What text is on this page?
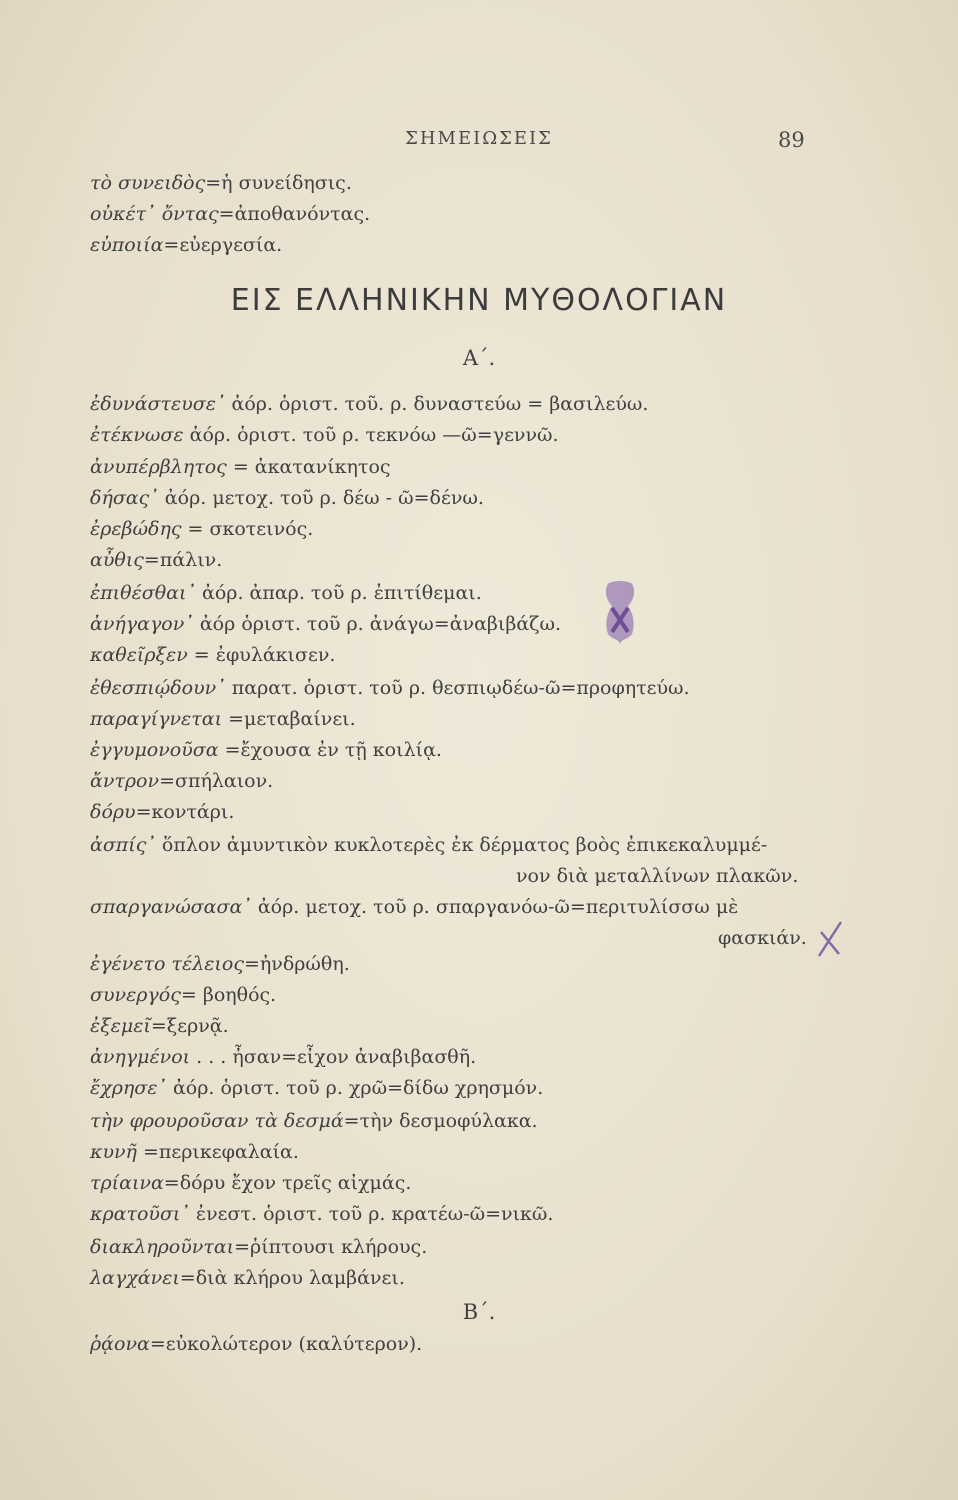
ΣΗΜΕΙΩΣΕΙΣ	89
τὸ συνειδὸς=ἡ συνείδησις.
οὐκέτ᾽ ὄντας=ἀποθανόντας.
εὐποιία=εὐεργεσία.
ΕΙΣ ΕΛΛΗΝΙΚΗΝ ΜΥΘΟΛΟΓΙΑΝ
Α΄.
ἐδυνάστευσε᾽ ἀόρ. ὁριστ. τοῦ. ρ. δυναστεύω = βασιλεύω.
ἐτέκνωσε ἀόρ. ὁριστ. τοῦ ρ. τεκνόω —ῶ=γεννῶ.
ἀνυπέρβλητος = ἀκατανίκητος
δήσας᾽ ἀόρ. μετοχ. τοῦ ρ. δέω - ῶ=δένω.
ἐρεβώδης = σκοτεινός.
αὖθις=πάλιν.
ἐπιθέσθαι᾽ ἀόρ. ἀπαρ. τοῦ ρ. ἐπιτίθεμαι.
ἀνήγαγον᾽ ἀόρ ὁριστ. τοῦ ρ. ἀνάγω=ἀναβιβάζω.
καθεῖρξεν = ἐφυλάκισεν.
ἐθεσπιῴδουν᾽ παρατ. ὁριστ. τοῦ ρ. θεσπιῳδέω-ῶ=προφητεύω.
παραγίγνεται =μεταβαίνει.
ἐγγυμονοῦσα =ἔχουσα ἐν τῇ κοιλίᾳ.
ἄντρον=σπήλαιον.
δόρυ=κοντάρι.
ἀσπίς᾽ ὅπλον ἀμυντικὸν κυκλοτερὲς ἐκ δέρματος βοὸς ἐπικεκαλυμμέ-
νον διὰ μεταλλίνων πλακῶν.
σπαργανώσασα᾽ ἀόρ. μετοχ. τοῦ ρ. σπαργανόω-ῶ=περιτυλίσσω μὲ
φασκιάν.
ἐγένετο τέλειος=ἠνδρώθη.
συνεργός= βοηθός.
ἐξεμεῖ=ξερνᾷ.
ἀνηγμένοι . . . ἦσαν=εἶχον ἀναβιβασθῆ.
ἔχρησε᾽ ἀόρ. ὁριστ. τοῦ ρ. χρῶ=δίδω χρησμόν.
τὴν φρουροῦσαν τὰ δεσμά=τὴν δεσμοφύλακα.
κυνῆ =περικεφαλαία.
τρίαινα=δόρυ ἔχον τρεῖς αἰχμάς.
κρατοῦσι᾽ ἐνεστ. ὁριστ. τοῦ ρ. κρατέω-ῶ=νικῶ.
διακληροῦνται=ῥίπτουσι κλήρους.
λαγχάνει=διὰ κλήρου λαμβάνει.
Β΄.
ῥᾴονα=εὐκολώτερον (καλύτερον).
